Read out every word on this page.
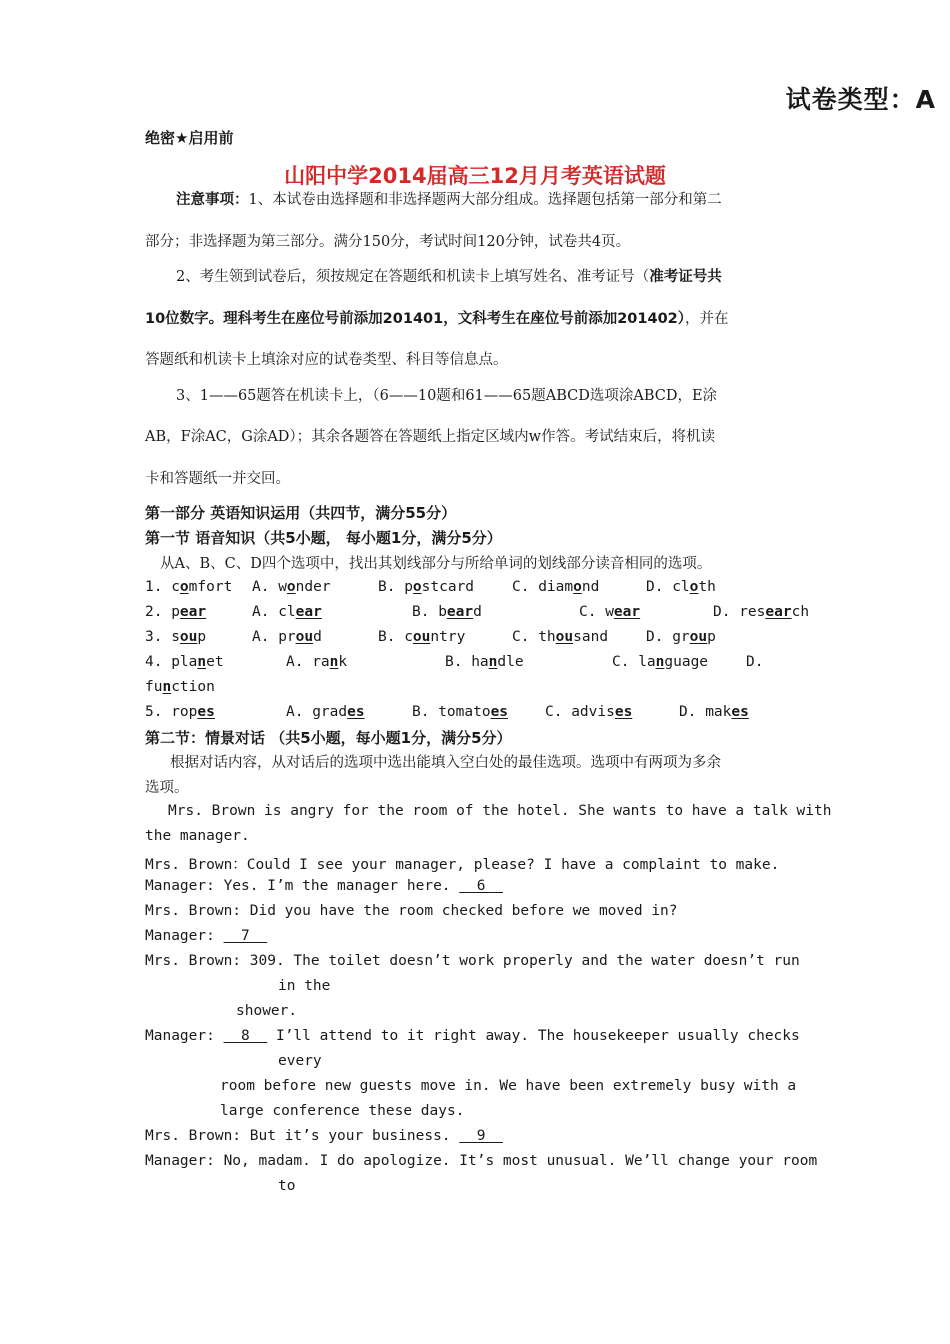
试卷类型：A
绝密★启用前
山阳中学2014届高三12月月考英语试题
注意事项：1、本试卷由选择题和非选择题两大部分组成。选择题包括第一部分和第二
部分；非选择题为第三部分。满分150分，考试时间120分钟，试卷共4页。
2、考生领到试卷后，须按规定在答题纸和机读卡上填写姓名、准考证号（准考证号共
10位数字。理科考生在座位号前添加201401，文科考生在座位号前添加201402），并在
答题纸和机读卡上填涂对应的试卷类型、科目等信息点。
3、1——65题答在机读卡上，（6——10题和61——65题ABCD选项涂ABCD，E涂
AB，F涂AC，G涂AD）；其余各题答在答题纸上指定区域内w作答。考试结束后，将机读
卡和答题纸一并交回。
第一部分 英语知识运用（共四节，满分55分）
第一节 语音知识（共5小题， 每小题1分，满分5分）
从A、B、C、D四个选项中，找出其划线部分与所给单词的划线部分读音相同的选项。
1. comfort A. wonder	B. postcard	C. diamond	D. cloth
2. pear	A. clear	B. beard	C. wear	D. research
3. soup	A. proud	B. country	C. thousand	D. group
4. planet	A. rank	B. handle	C. language	D.
function
5. ropes	A. grades	B. tomatoes	C. advises	D. makes
第二节：情景对话 （共5小题，每小题1分，满分5分）
根据对话内容，从对话后的选项中选出能填入空白处的最佳选项。选项中有两项为多余
选项。
Mrs. Brown is angry for the room of the hotel. She wants to have a talk with
the manager.
Mrs. Brown：Could I see your manager, please? I have a complaint to make.
Manager: Yes. I’m the manager here.   6
Mrs. Brown: Did you have the room checked before we moved in?
Manager:   7
Mrs. Brown: 309. The toilet doesn’t work properly and the water doesn’t run
in the
shower.
Manager:   8   I’ll attend to it right away. The housekeeper usually checks
every
room before new guests move in. We have been extremely busy with a
large conference these days.
Mrs. Brown: But it’s your business.   9
Manager: No, madam. I do apologize. It’s most unusual. We’ll change your room
to
